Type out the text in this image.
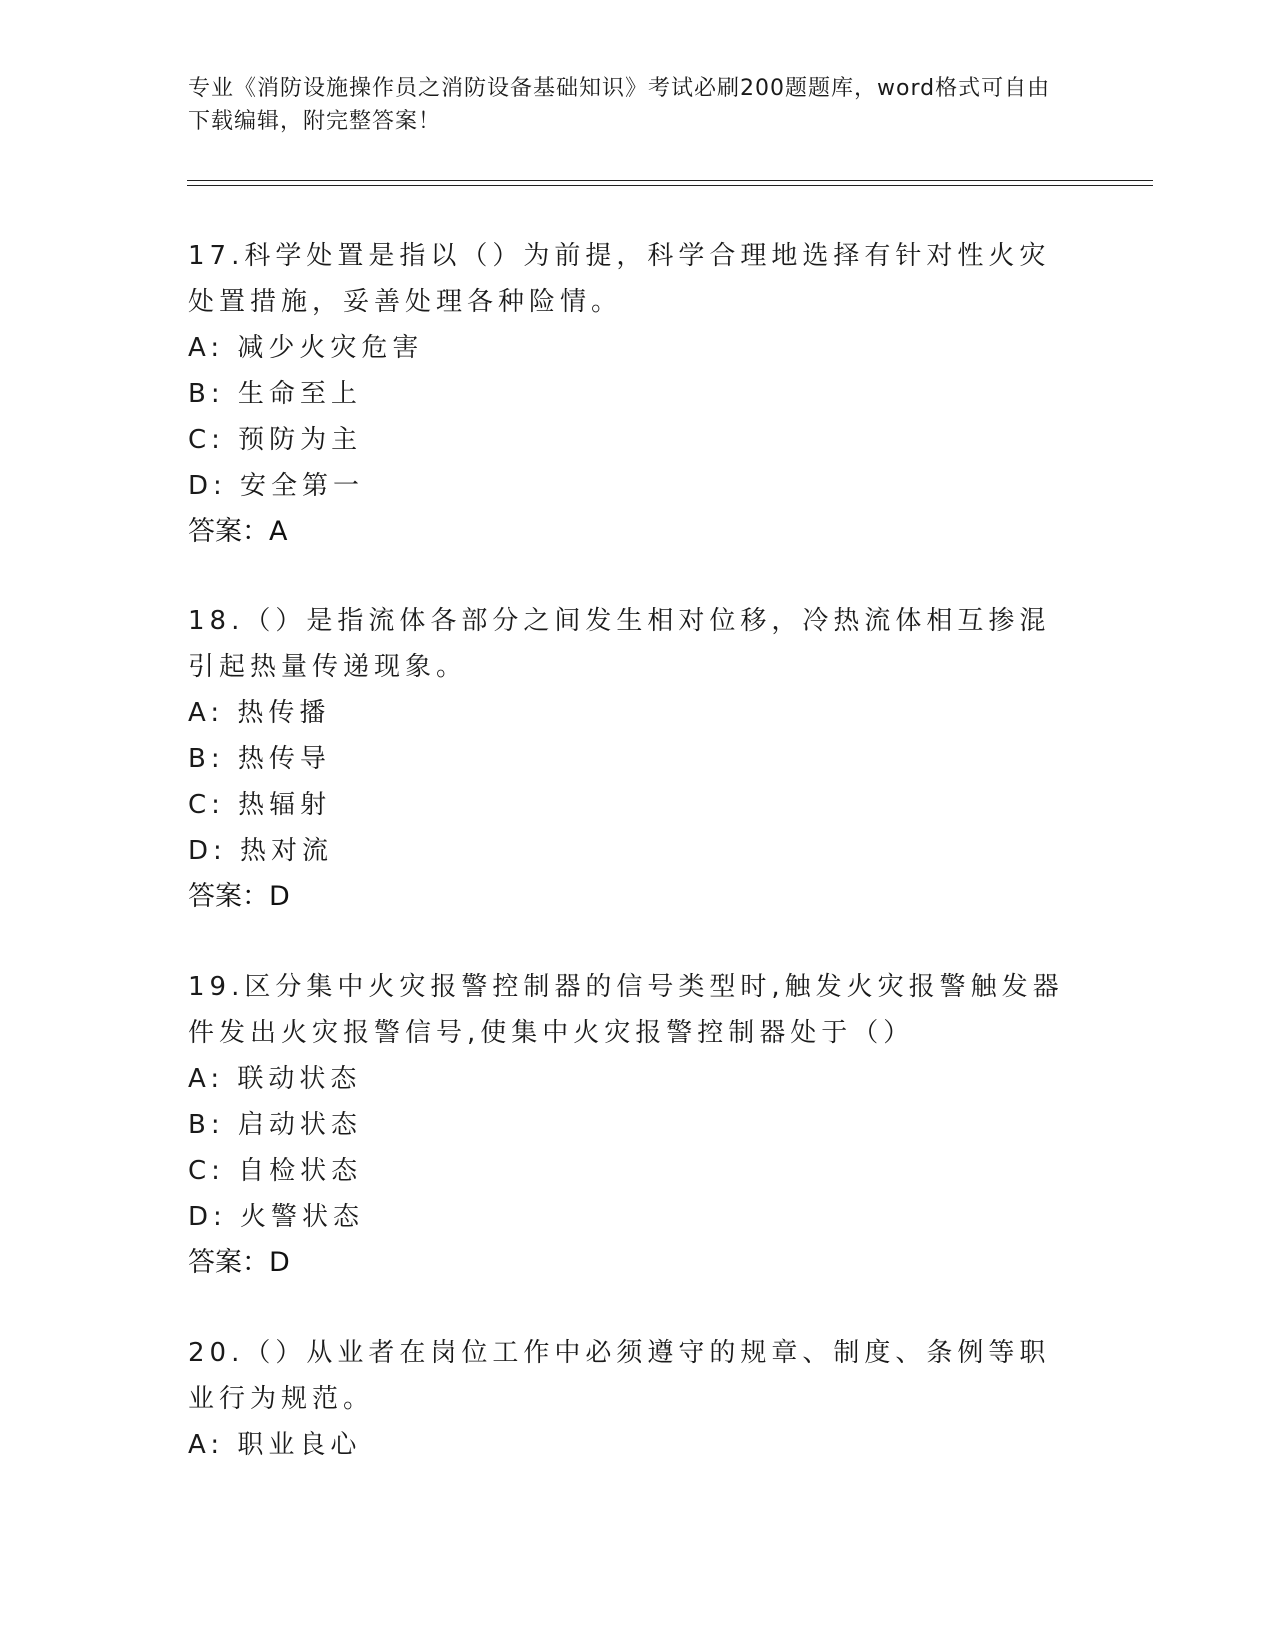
专业《消防设施操作员之消防设备基础知识》考试必刷200题题库，word格式可自由下载编辑，附完整答案！

17.科学处置是指以（）为前提，科学合理地选择有针对性火灾处置措施，妥善处理各种险情。

A: 减少火灾危害

B: 生命至上

C: 预防为主

D: 安全第一

答案：A

18.（）是指流体各部分之间发生相对位移，冷热流体相互掺混引起热量传递现象。

A: 热传播

B: 热传导

C: 热辐射

D: 热对流

答案：D

19.区分集中火灾报警控制器的信号类型时,触发火灾报警触发器件发出火灾报警信号,使集中火灾报警控制器处于（）

A: 联动状态

B: 启动状态

C: 自检状态

D: 火警状态

答案：D

20.（）从业者在岗位工作中必须遵守的规章、制度、条例等职业行为规范。

A: 职业良心
